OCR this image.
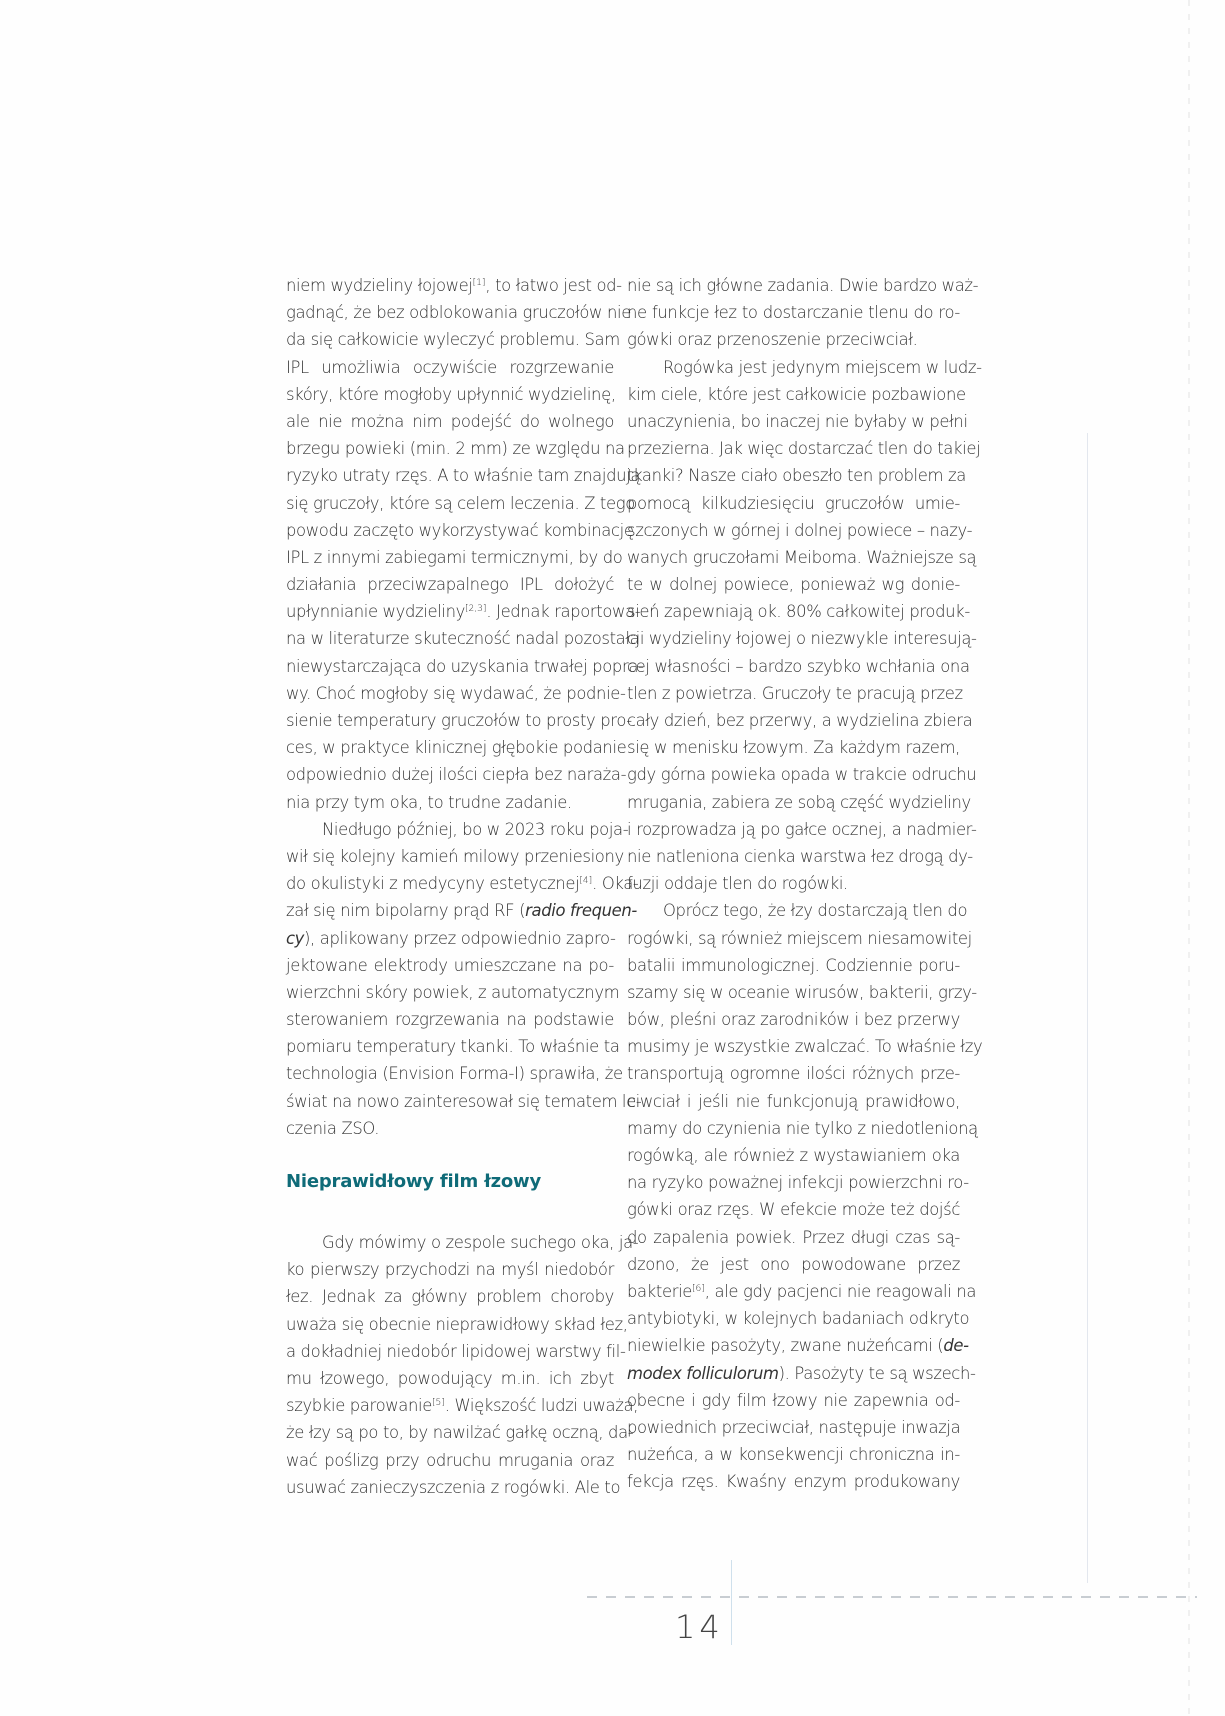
niem wydzieliny łojowej[1], to łatwo jest od-
gadnąć, że bez odblokowania gruczołów nie
da się całkowicie wyleczyć problemu. Sam
IPL umożliwia oczywiście rozgrzewanie
skóry, które mogłoby upłynnić wydzielinę,
ale nie można nim podejść do wolnego
brzegu powieki (min. 2 mm) ze względu na
ryzyko utraty rzęs. A to właśnie tam znajdują
się gruczoły, które są celem leczenia. Z tego
powodu zaczęto wykorzystywać kombinację
IPL z innymi zabiegami termicznymi, by do
działania przeciwzapalnego IPL dołożyć
upłynnianie wydzieliny[2,3]. Jednak raportowa-
na w literaturze skuteczność nadal pozostała
niewystarczająca do uzyskania trwałej popra-
wy. Choć mogłoby się wydawać, że podnie-
sienie temperatury gruczołów to prosty pro-
ces, w praktyce klinicznej głębokie podanie
odpowiednio dużej ilości ciepła bez naraża-
nia przy tym oka, to trudne zadanie.
Niedługo później, bo w 2023 roku poja-
wił się kolejny kamień milowy przeniesiony
do okulistyki z medycyny estetycznej[4]. Oka-
zał się nim bipolarny prąd RF (radio frequen-
cy), aplikowany przez odpowiednio zapro-
jektowane elektrody umieszczane na po-
wierzchni skóry powiek, z automatycznym
sterowaniem rozgrzewania na podstawie
pomiaru temperatury tkanki. To właśnie ta
technologia (Envision Forma-I) sprawiła, że
świat na nowo zainteresował się tematem le-
czenia ZSO.
Nieprawidłowy film łzowy
Gdy mówimy o zespole suchego oka, ja-
ko pierwszy przychodzi na myśl niedobór
łez. Jednak za główny problem choroby
uważa się obecnie nieprawidłowy skład łez,
a dokładniej niedobór lipidowej warstwy fil-
mu łzowego, powodujący m.in. ich zbyt
szybkie parowanie[5]. Większość ludzi uważa,
że łzy są po to, by nawilżać gałkę oczną, da-
wać poślizg przy odruchu mrugania oraz
usuwać zanieczyszczenia z rogówki. Ale to
nie są ich główne zadania. Dwie bardzo waż-
ne funkcje łez to dostarczanie tlenu do ro-
gówki oraz przenoszenie przeciwciał.
Rogówka jest jedynym miejscem w ludz-
kim ciele, które jest całkowicie pozbawione
unaczynienia, bo inaczej nie byłaby w pełni
przezierna. Jak więc dostarczać tlen do takiej
tkanki? Nasze ciało obeszło ten problem za
pomocą kilkudziesięciu gruczołów umie-
szczonych w górnej i dolnej powiece – nazy-
wanych gruczołami Meiboma. Ważniejsze są
te w dolnej powiece, ponieważ wg donie-
sień zapewniają ok. 80% całkowitej produk-
cji wydzieliny łojowej o niezwykle interesują-
cej własności – bardzo szybko wchłania ona
tlen z powietrza. Gruczoły te pracują przez
cały dzień, bez przerwy, a wydzielina zbiera
się w menisku łzowym. Za każdym razem,
gdy górna powieka opada w trakcie odruchu
mrugania, zabiera ze sobą część wydzieliny
i rozprowadza ją po gałce ocznej, a nadmier-
nie natleniona cienka warstwa łez drogą dy-
fuzji oddaje tlen do rogówki.
Oprócz tego, że łzy dostarczają tlen do
rogówki, są również miejscem niesamowitej
batalii immunologicznej. Codziennie poru-
szamy się w oceanie wirusów, bakterii, grzy-
bów, pleśni oraz zarodników i bez przerwy
musimy je wszystkie zwalczać. To właśnie łzy
transportują ogromne ilości różnych prze-
ciwciał i jeśli nie funkcjonują prawidłowo,
mamy do czynienia nie tylko z niedotlenioną
rogówką, ale również z wystawianiem oka
na ryzyko poważnej infekcji powierzchni ro-
gówki oraz rzęs. W efekcie może też dojść
do zapalenia powiek. Przez długi czas są-
dzono, że jest ono powodowane przez
bakterie[6], ale gdy pacjenci nie reagowali na
antybiotyki, w kolejnych badaniach odkryto
niewielkie pasożyty, zwane nużeńcami (de-
modex folliculorum). Pasożyty te są wszech-
obecne i gdy film łzowy nie zapewnia od-
powiednich przeciwciał, następuje inwazja
nużeńca, a w konsekwencji chroniczna in-
fekcja rzęs. Kwaśny enzym produkowany
14
